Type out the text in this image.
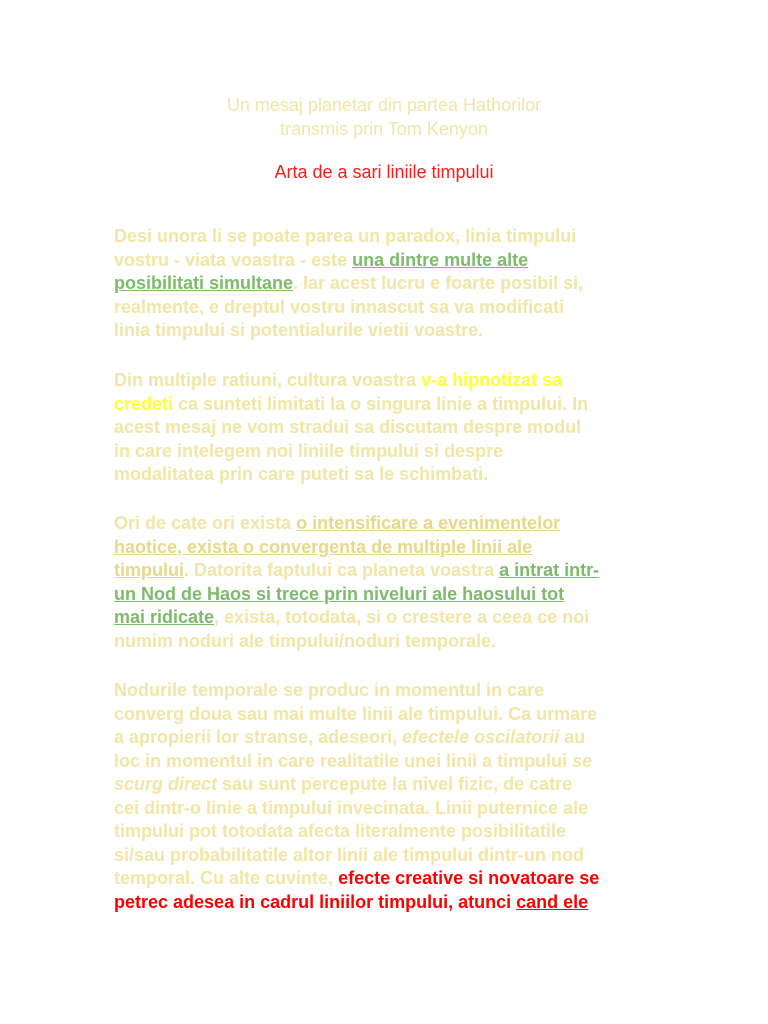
Un mesaj planetar din partea Hathorilor
transmis prin Tom Kenyon
Arta de a sari liniile timpului
Desi unora li se poate parea un paradox, linia timpului
vostru - viata voastra - este una dintre multe alte
posibilitati simultane. Iar acest lucru e foarte posibil si,
realmente, e dreptul vostru innascut sa va modificati
linia timpului si potentialurile vietii voastre.
Din multiple ratiuni, cultura voastra v-a hipnotizat sa
credeti ca sunteti limitati la o singura linie a timpului. In
acest mesaj ne vom stradui sa discutam despre modul
in care intelegem noi liniile timpului si despre
modalitatea prin care puteti sa le schimbati.
Ori de cate ori exista o intensificare a evenimentelor
haotice, exista o convergenta de multiple linii ale
timpului. Datorita faptului ca planeta voastra a intrat intr-
un Nod de Haos si trece prin niveluri ale haosului tot
mai ridicate, exista, totodata, si o crestere a ceea ce noi
numim noduri ale timpului/noduri temporale.
Nodurile temporale se produc in momentul in care
converg doua sau mai multe linii ale timpului. Ca urmare
a apropierii lor stranse, adeseori, efectele oscilatorii au
loc in momentul in care realitatile unei linii a timpului se
scurg direct sau sunt percepute la nivel fizic, de catre
cei dintr-o linie a timpului invecinata. Linii puternice ale
timpului pot totodata afecta literalmente posibilitatile
si/sau probabilitatile altor linii ale timpului dintr-un nod
temporal. Cu alte cuvinte, efecte creative si novatoare se
petrec adesea in cadrul liniilor timpului, atunci cand ele
